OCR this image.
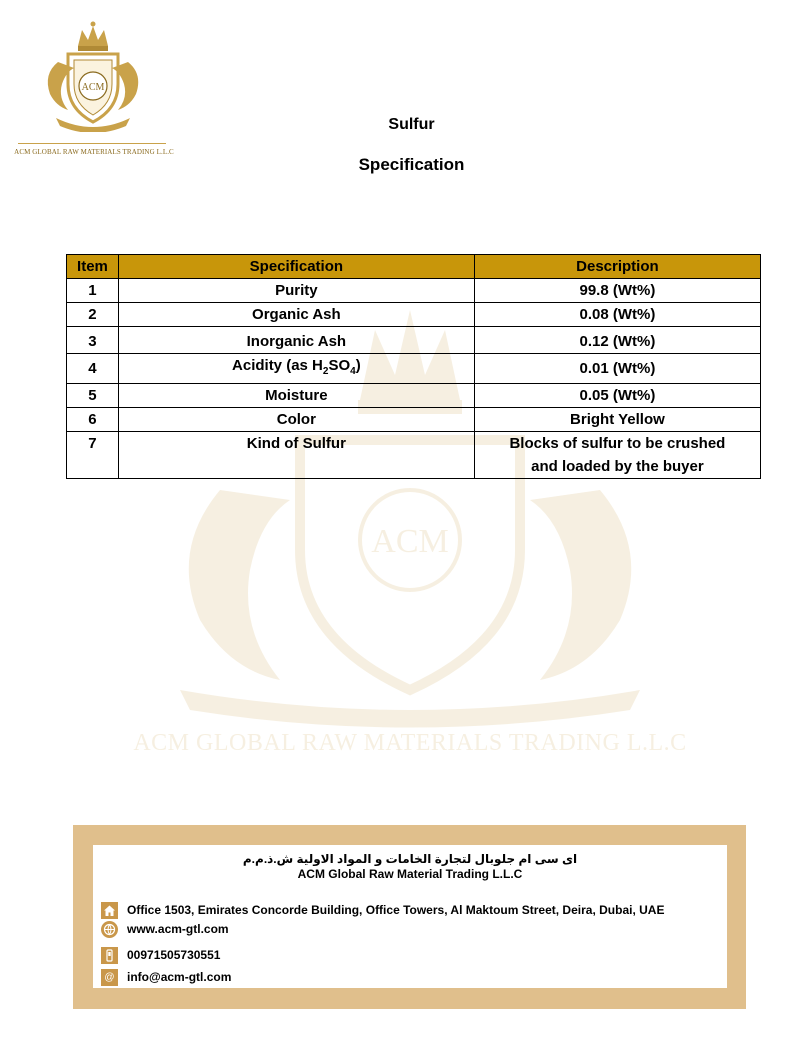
ACM
ACM GLOBAL RAW MATERIALS TRADING L.L.C
Sulfur
Specification
ACM
ACM GLOBAL RAW MATERIALS TRADING L.L.C
Item	Specification	Description
1	Purity	99.8 (Wt%)
2	Organic Ash	0.08 (Wt%)
3	Inorganic Ash	0.12 (Wt%)
4	Acidity (as $H_2SO_4$)	0.01 (Wt%)
5	Moisture	0.05 (Wt%)
6	Color	Bright Yellow
7	Kind of Sulfur	Blocks of sulfur to be crushed
and loaded by the buyer
ای سی ام جلوبال لتجارة الخامات و المواد الاولية ش.ذ.م.م
ACM Global Raw Material Trading L.L.C
Office 1503, Emirates Concorde Building, Office Towers, Al Maktoum Street, Deira, Dubai, UAE
www.acm-gtl.com
00971505730551
@ info@acm-gtl.com
